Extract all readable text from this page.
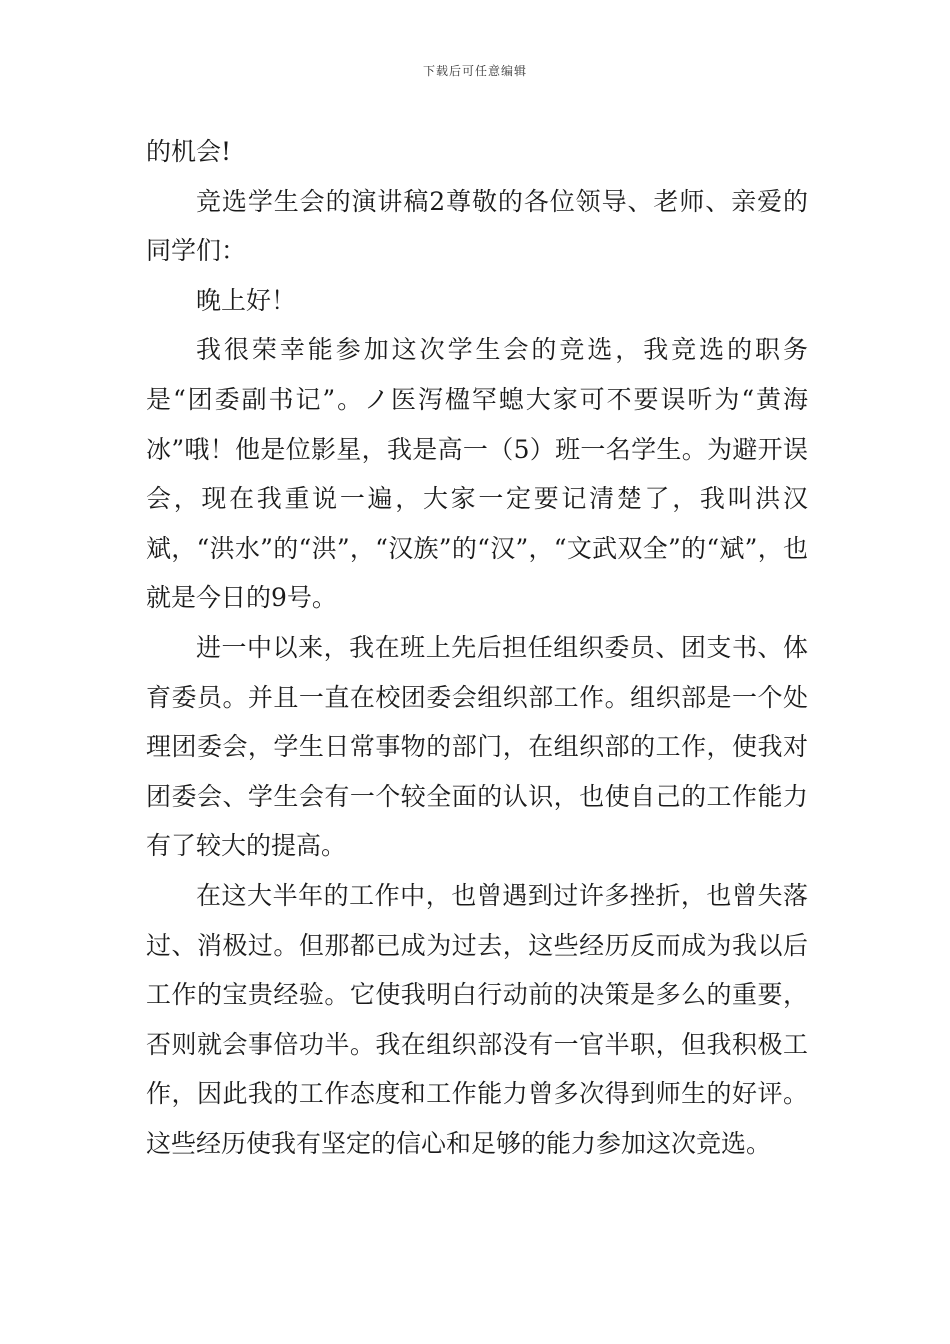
下载后可任意编辑

的机会!

竞选学生会的演讲稿2尊敬的各位领导、老师、亲爱的同学们：

晚上好！

我很荣幸能参加这次学生会的竞选，我竞选的职务是“团委副书记”。ノ医泻楹罕螅大家可不要误听为“黄海冰”哦！他是位影星，我是高一（5）班一名学生。为避开误会，现在我重说一遍，大家一定要记清楚了，我叫洪汉斌，“洪水”的“洪”，“汉族”的“汉”，“文武双全”的“斌”，也就是今日的9号。

进一中以来，我在班上先后担任组织委员、团支书、体育委员。并且一直在校团委会组织部工作。组织部是一个处理团委会，学生日常事物的部门，在组织部的工作，使我对团委会、学生会有一个较全面的认识，也使自己的工作能力有了较大的提高。

在这大半年的工作中，也曾遇到过许多挫折，也曾失落过、消极过。但那都已成为过去，这些经历反而成为我以后工作的宝贵经验。它使我明白行动前的决策是多么的重要，否则就会事倍功半。我在组织部没有一官半职，但我积极工作，因此我的工作态度和工作能力曾多次得到师生的好评。这些经历使我有坚定的信心和足够的能力参加这次竞选。
